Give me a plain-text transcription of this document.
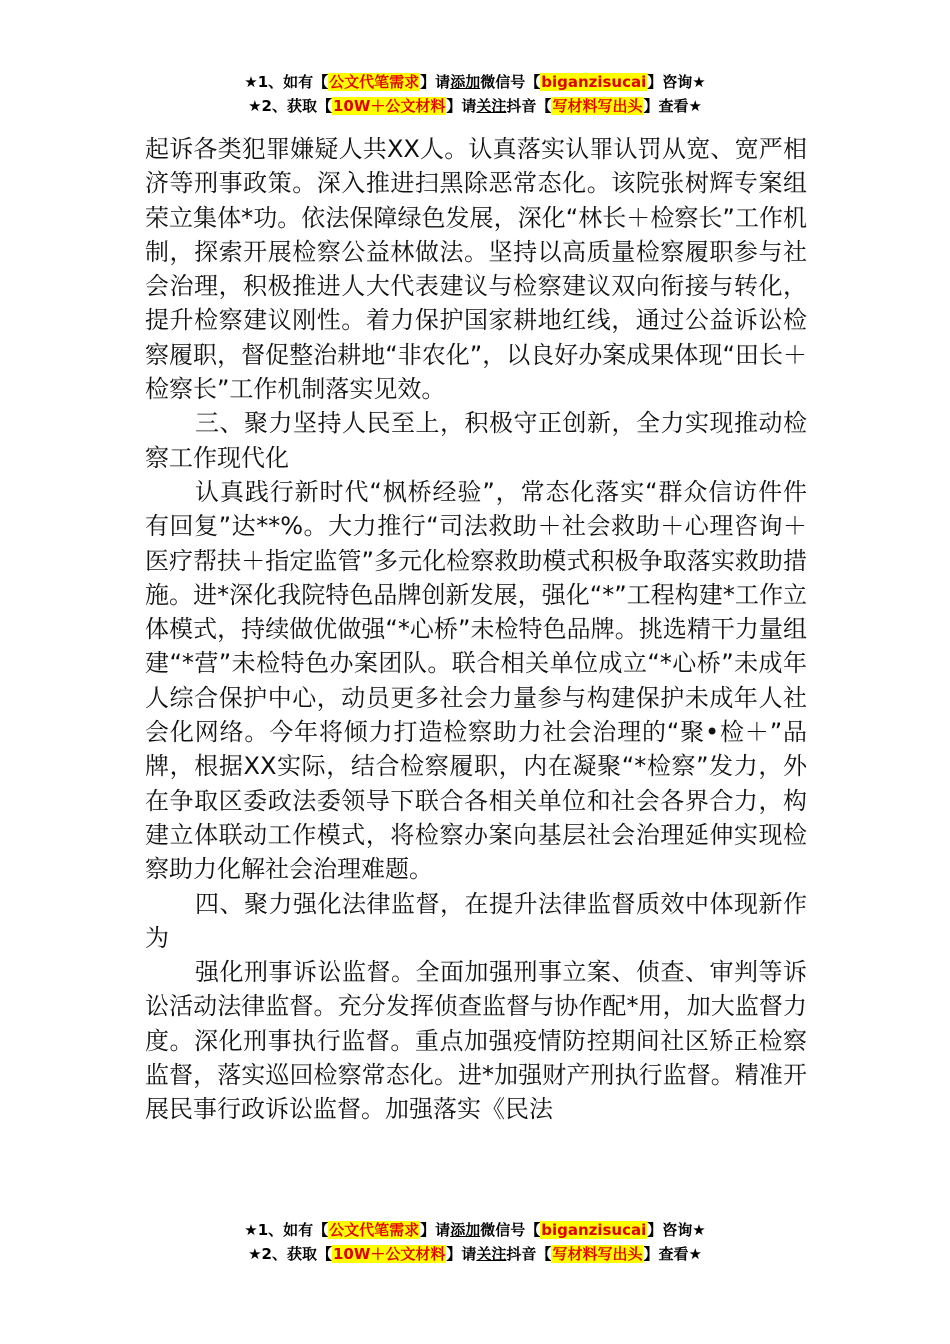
★1、如有【公文代笔需求】请添加微信号【biganzisucai】咨询★
★2、获取【10W＋公文材料】请关注抖音【写材料写出头】查看★

起诉各类犯罪嫌疑人共XX人。认真落实认罪认罚从宽、宽严相济等刑事政策。深入推进扫黑除恶常态化。该院张树辉专案组荣立集体*功。依法保障绿色发展，深化“林长＋检察长”工作机制，探索开展检察公益林做法。坚持以高质量检察履职参与社会治理，积极推进人大代表建议与检察建议双向衔接与转化，提升检察建议刚性。着力保护国家耕地红线，通过公益诉讼检察履职，督促整治耕地“非农化”，以良好办案成果体现“田长＋检察长”工作机制落实见效。

三、聚力坚持人民至上，积极守正创新，全力实现推动检察工作现代化

认真践行新时代“枫桥经验”，常态化落实“群众信访件件有回复”达**%。大力推行“司法救助＋社会救助＋心理咨询＋医疗帮扶＋指定监管”多元化检察救助模式积极争取落实救助措施。进*深化我院特色品牌创新发展，强化“*”工程构建*工作立体模式，持续做优做强“*心桥”未检特色品牌。挑选精干力量组建“*营”未检特色办案团队。联合相关单位成立“*心桥”未成年人综合保护中心，动员更多社会力量参与构建保护未成年人社会化网络。今年将倾力打造检察助力社会治理的“聚•检＋”品牌，根据XX实际，结合检察履职，内在凝聚“*检察”发力，外在争取区委政法委领导下联合各相关单位和社会各界合力，构建立体联动工作模式，将检察办案向基层社会治理延伸实现检察助力化解社会治理难题。

四、聚力强化法律监督，在提升法律监督质效中体现新作为

强化刑事诉讼监督。全面加强刑事立案、侦查、审判等诉讼活动法律监督。充分发挥侦查监督与协作配*用，加大监督力度。深化刑事执行监督。重点加强疫情防控期间社区矫正检察监督，落实巡回检察常态化。进*加强财产刑执行监督。精准开展民事行政诉讼监督。加强落实《民法

★1、如有【公文代笔需求】请添加微信号【biganzisucai】咨询★
★2、获取【10W＋公文材料】请关注抖音【写材料写出头】查看★
